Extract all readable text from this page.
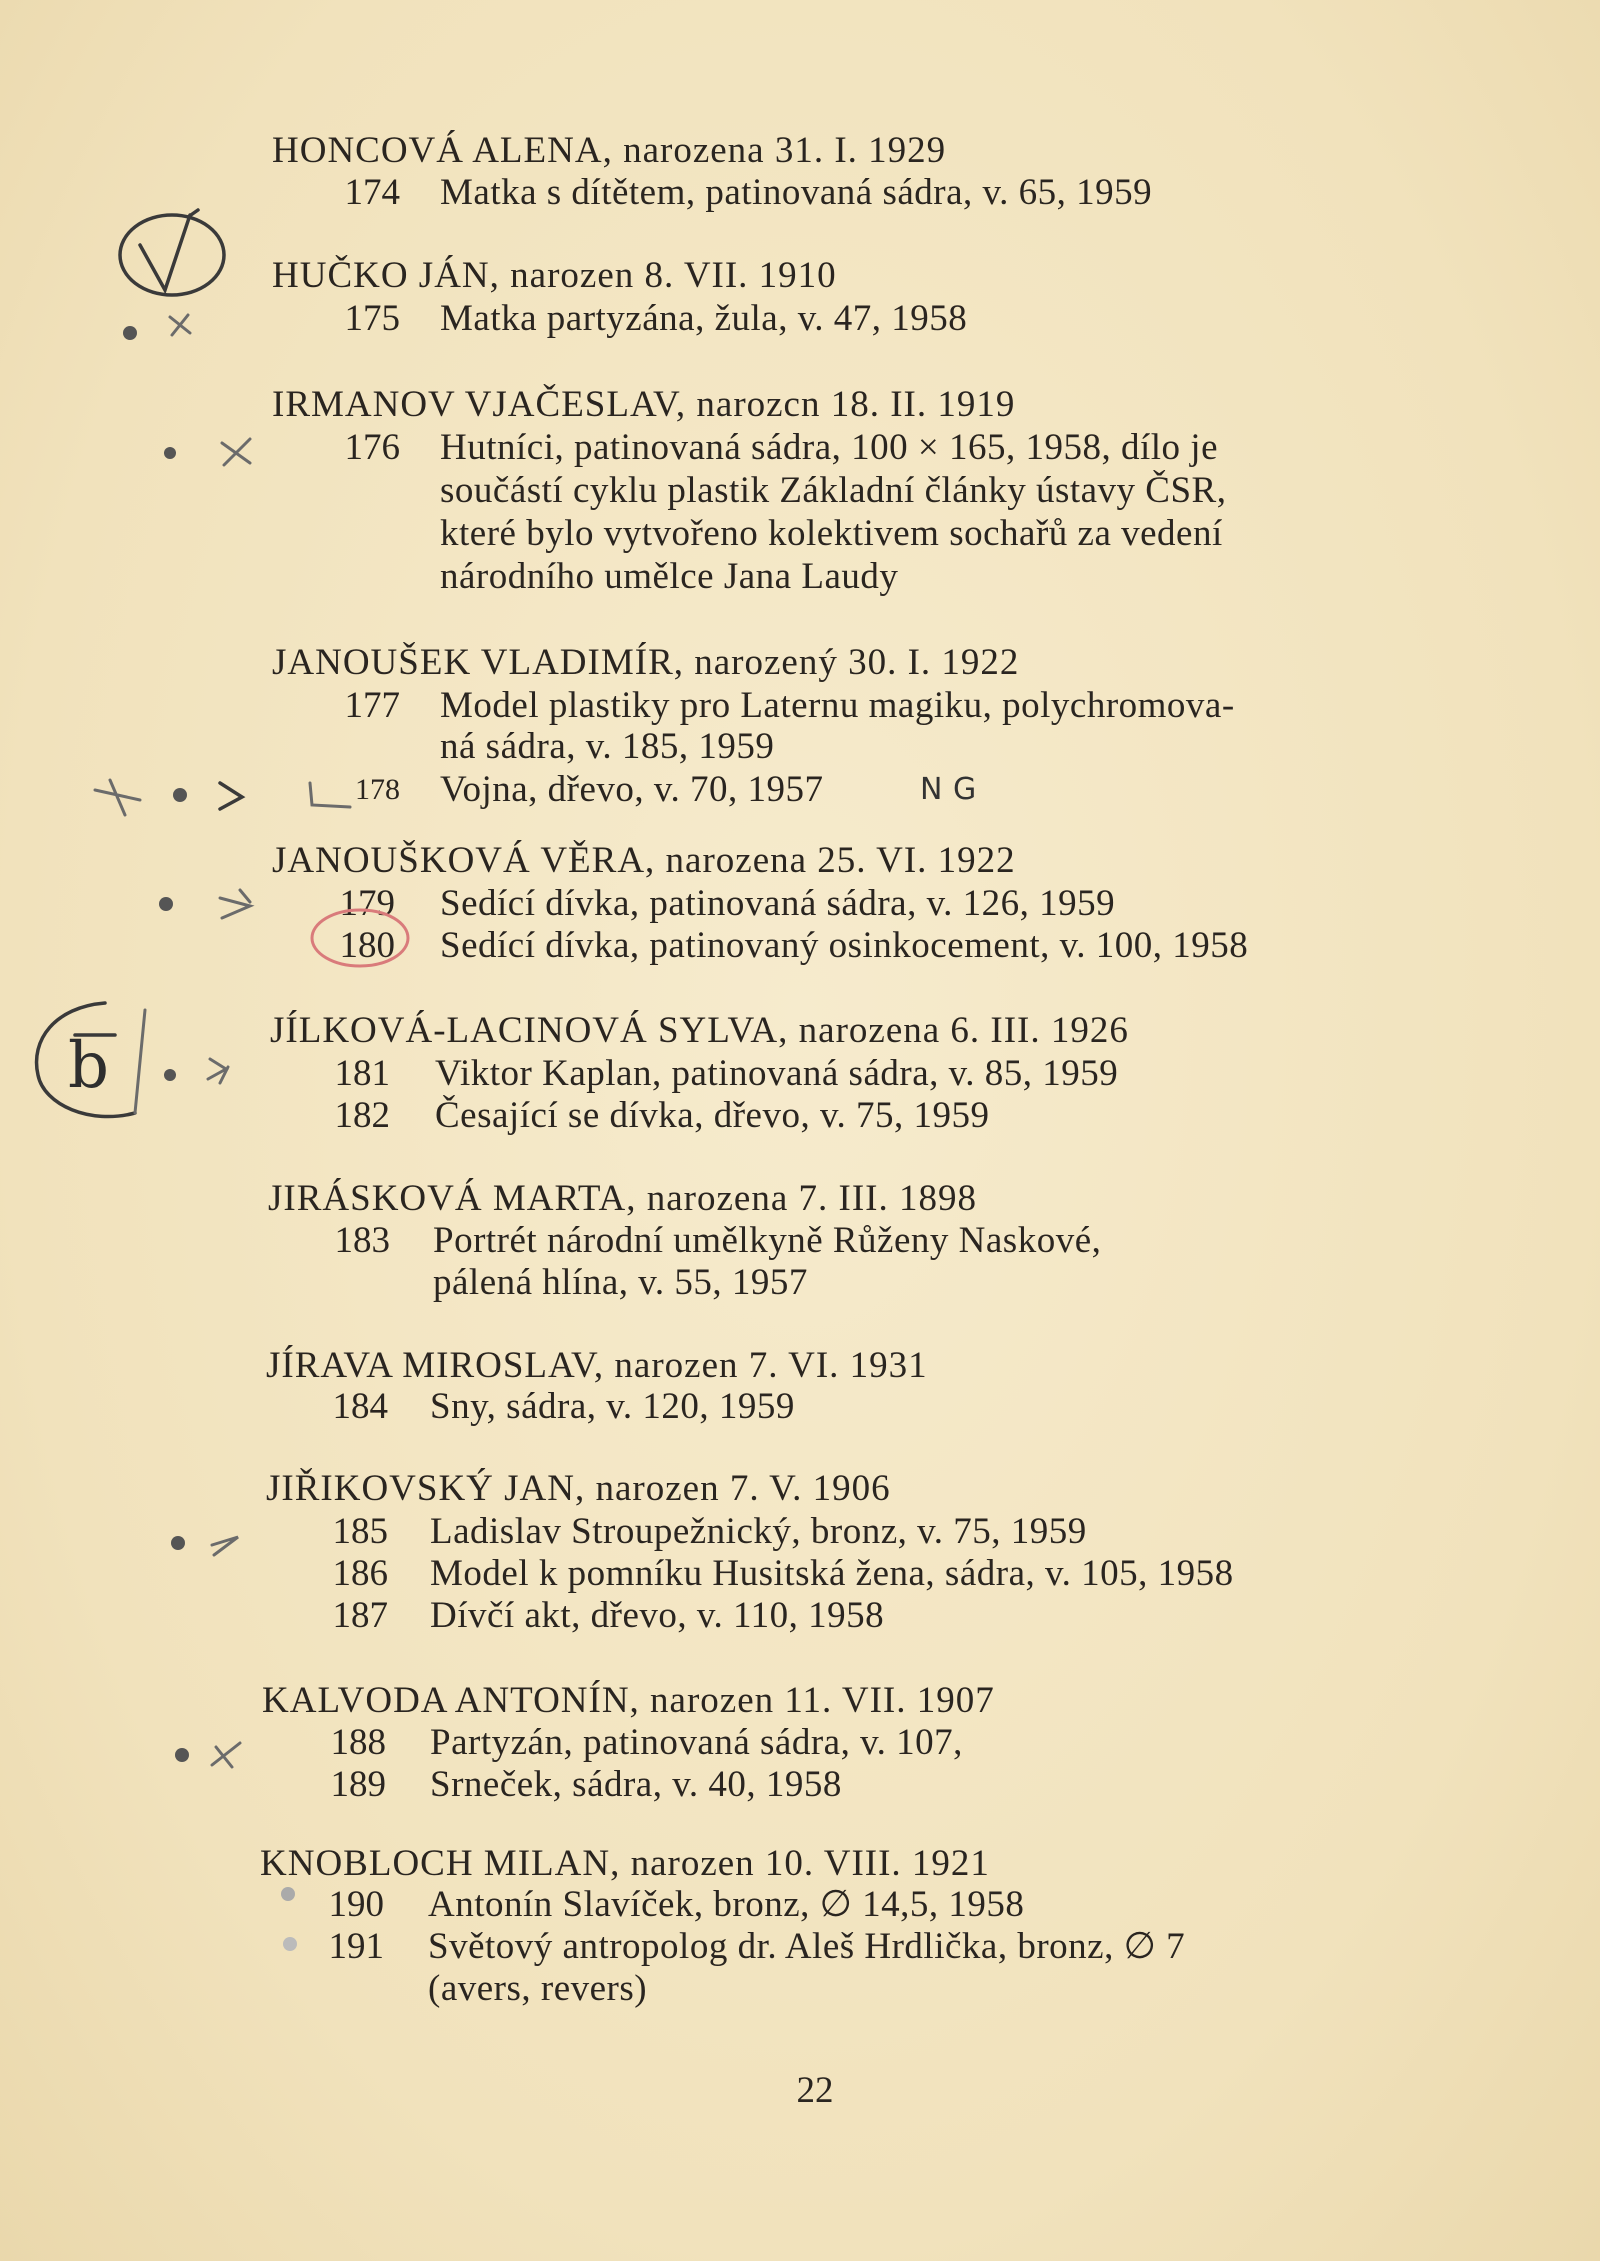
HONCOVÁ ALENA, narozena 31. I. 1929

174 Matka s dítětem, patinovaná sádra, v. 65, 1959

HUČKO JÁN, narozen 8. VII. 1910

175 Matka partyzána, žula, v. 47, 1958

IRMANOV VJAČESLAV, narozcn 18. II. 1919

176 Hutníci, patinovaná sádra, 100 × 165, 1958, dílo je

součástí cyklu plastik Základní články ústavy ČSR,

které bylo vytvořeno kolektivem sochařů za vedení

národního umělce Jana Laudy

JANOUŠEK VLADIMÍR, narozený 30. I. 1922

177 Model plastiky pro Laternu magiku, polychromova-

ná sádra, v. 185, 1959

178 Vojna, dřevo, v. 70, 1957	N G

JANOUŠKOVÁ VĚRA, narozena 25. VI. 1922

179 Sedící dívka, patinovaná sádra, v. 126, 1959

180 Sedící dívka, patinovaný osinkocement, v. 100, 1958

JÍLKOVÁ-LACINOVÁ SYLVA, narozena 6. III. 1926

181 Viktor Kaplan, patinovaná sádra, v. 85, 1959

182 Česající se dívka, dřevo, v. 75, 1959

JIRÁSKOVÁ MARTA, narozena 7. III. 1898

183 Portrét národní umělkyně Růženy Naskové,

pálená hlína, v. 55, 1957

JÍRAVA MIROSLAV, narozen 7. VI. 1931

184 Sny, sádra, v. 120, 1959

JIŘIKOVSKÝ JAN, narozen 7. V. 1906

185 Ladislav Stroupežnický, bronz, v. 75, 1959

186 Model k pomníku Husitská žena, sádra, v. 105, 1958

187 Dívčí akt, dřevo, v. 110, 1958

KALVODA ANTONÍN, narozen 11. VII. 1907

188 Partyzán, patinovaná sádra, v. 107,

189 Srneček, sádra, v. 40, 1958

KNOBLOCH MILAN, narozen 10. VIII. 1921

190 Antonín Slavíček, bronz, ∅ 14,5, 1958

191 Světový antropolog dr. Aleš Hrdlička, bronz, ∅ 7

(avers, revers)

22

b
